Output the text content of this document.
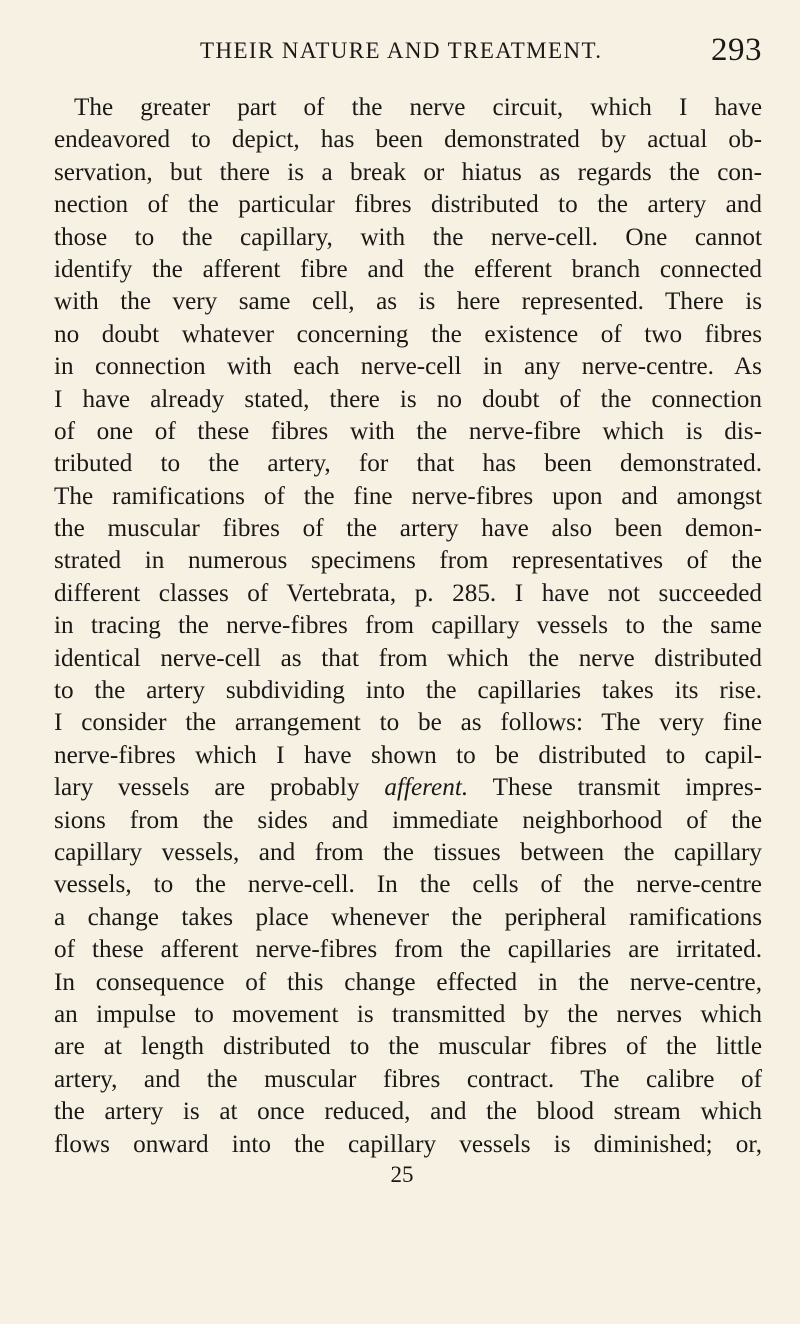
THEIR NATURE AND TREATMENT.	293
The greater part of the nerve circuit, which I have
endeavored to depict, has been demonstrated by actual ob-
servation, but there is a break or hiatus as regards the con-
nection of the particular fibres distributed to the artery and
those to the capillary, with the nerve-cell. One cannot
identify the afferent fibre and the efferent branch connected
with the very same cell, as is here represented. There is
no doubt whatever concerning the existence of two fibres
in connection with each nerve-cell in any nerve-centre. As
I have already stated, there is no doubt of the connection
of one of these fibres with the nerve-fibre which is dis-
tributed to the artery, for that has been demonstrated.
The ramifications of the fine nerve-fibres upon and amongst
the muscular fibres of the artery have also been demon-
strated in numerous specimens from representatives of the
different classes of Vertebrata, p. 285. I have not succeeded
in tracing the nerve-fibres from capillary vessels to the same
identical nerve-cell as that from which the nerve distributed
to the artery subdividing into the capillaries takes its rise.
I consider the arrangement to be as follows: The very fine
nerve-fibres which I have shown to be distributed to capil-
lary vessels are probably afferent. These transmit impres-
sions from the sides and immediate neighborhood of the
capillary vessels, and from the tissues between the capillary
vessels, to the nerve-cell. In the cells of the nerve-centre
a change takes place whenever the peripheral ramifications
of these afferent nerve-fibres from the capillaries are irritated.
In consequence of this change effected in the nerve-centre,
an impulse to movement is transmitted by the nerves which
are at length distributed to the muscular fibres of the little
artery, and the muscular fibres contract. The calibre of
the artery is at once reduced, and the blood stream which
flows onward into the capillary vessels is diminished; or,
25
